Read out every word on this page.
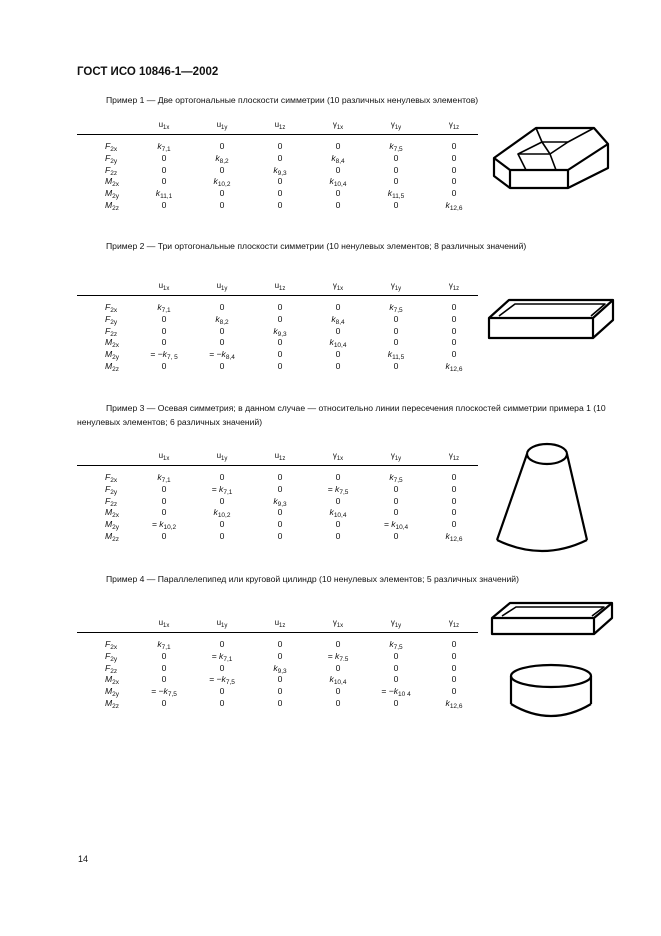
ГОСТ ИСО 10846-1—2002
Пример 1 — Две ортогональные плоскости симметрии (10 различных ненулевых элементов)
Пример 2 — Три ортогональные плоскости симметрии (10 ненулевых элементов; 8 различных значений)
Пример 3 — Осевая симметрия; в данном случае — относительно линии пересечения плоскостей симметрии примера 1 (10 ненулевых элементов; 6 различных значений)
Пример 4 — Параллелепипед или круговой цилиндр (10 ненулевых элементов; 5 различных значений)
$u_{1x}$	$u_{1y}$	$u_{1z}$	$\gamma_{1x}$	$\gamma_{1y}$	$\gamma_{1z}$
$F_{2x}$	$k_{7,1}$	0	0	0	$k_{7,5}$	0
$F_{2y}$	0	$k_{8,2}$	0	$k_{8,4}$	0	0
$F_{2z}$	0	0	$k_{9,3}$	0	0	0
$M_{2x}$	0	$k_{10,2}$	0	$k_{10,4}$	0	0
$M_{2y}$	$k_{11,1}$	0	0	0	$k_{11,5}$	0
$M_{2z}$	0	0	0	0	0	$k_{12,6}$
$u_{1x}$	$u_{1y}$	$u_{1z}$	$\gamma_{1x}$	$\gamma_{1y}$	$\gamma_{1z}$
$F_{2x}$	$k_{7,1}$	0	0	0	$k_{7,5}$	0
$F_{2y}$	0	$k_{8,2}$	0	$k_{8,4}$	0	0
$F_{2z}$	0	0	$k_{9,3}$	0	0	0
$M_{2x}$	0	0	0	$k_{10,4}$	0	0
$M_{2y}$	= $-k_{7, 5}$	= $-k_{8,4}$	0	0	$k_{11,5}$	0
$M_{2z}$	0	0	0	0	0	$k_{12,6}$
$u_{1x}$	$u_{1y}$	$u_{1z}$	$\gamma_{1x}$	$\gamma_{1y}$	$\gamma_{1z}$
$F_{2x}$	$k_{7,1}$	0	0	0	$k_{7,5}$	0
$F_{2y}$	0	= $k_{7,1}$	0	= $k_{7,5}$	0	0
$F_{2z}$	0	0	$k_{9,3}$	0	0	0
$M_{2x}$	0	$k_{10,2}$	0	$k_{10,4}$	0	0
$M_{2y}$	= $k_{10,2}$	0	0	0	= $k_{10,4}$	0
$M_{2z}$	0	0	0	0	0	$k_{12,6}$
$u_{1x}$	$u_{1y}$	$u_{1z}$	$\gamma_{1x}$	$\gamma_{1y}$	$\gamma_{1z}$
$F_{2x}$	$k_{7,1}$	0	0	0	$k_{7,5}$	0
$F_{2y}$	0	= $k_{7,1}$	0	= $k_{7.5}$	0	0
$F_{2z}$	0	0	$k_{9,3}$	0	0	0
$M_{2x}$	0	= $-k_{7,5}$	0	$k_{10,4}$	0	0
$M_{2y}$	= $-k_{7,5}$	0	0	0	= $-k_{10 4}$	0
$M_{2z}$	0	0	0	0	0	$k_{12,6}$
14
